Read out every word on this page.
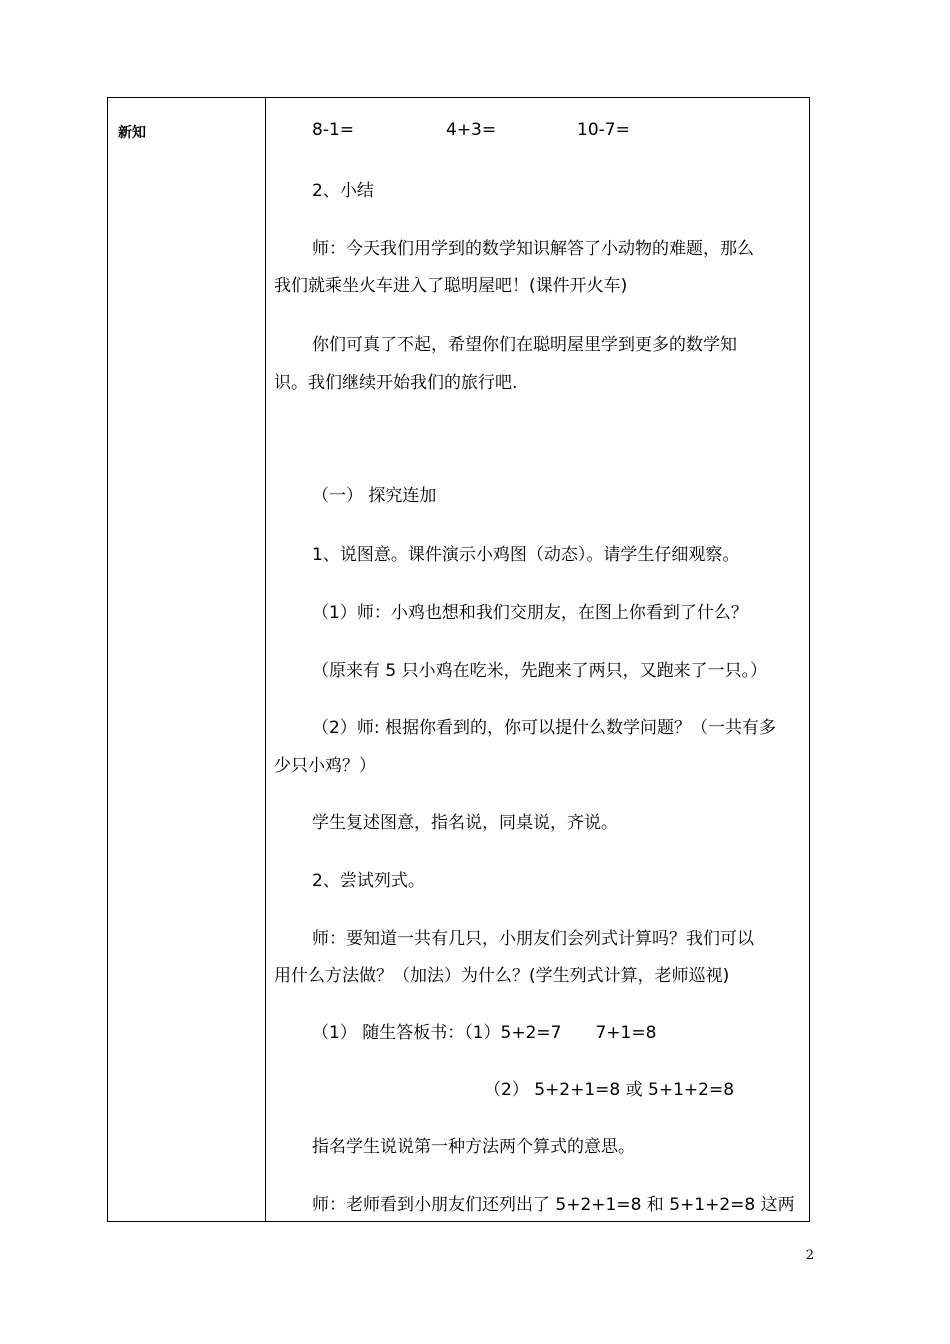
新知	8-1=	4+3=	10-7=
2、小结
师：今天我们用学到的数学知识解答了小动物的难题，那么
我们就乘坐火车进入了聪明屋吧！(课件开火车)
你们可真了不起，希望你们在聪明屋里学到更多的数学知
识。我们继续开始我们的旅行吧.
（一） 探究连加
1、说图意。课件演示小鸡图（动态）。请学生仔细观察。
（1）师：小鸡也想和我们交朋友，在图上你看到了什么？
（原来有 5 只小鸡在吃米，先跑来了两只，又跑来了一只。）
（2）师: 根据你看到的，你可以提什么数学问题？（一共有多
少只小鸡？）
学生复述图意，指名说，同桌说，齐说。
2、尝试列式。
师：要知道一共有几只，小朋友们会列式计算吗？我们可以
用什么方法做？（加法）为什么？(学生列式计算，老师巡视)
（1） 随生答板书：（1）5+2=7　　7+1=8
（2） 5+2+1=8 或 5+1+2=8
指名学生说说第一种方法两个算式的意思。
师：老师看到小朋友们还列出了 5+2+1=8 和 5+1+2=8 这两
2
